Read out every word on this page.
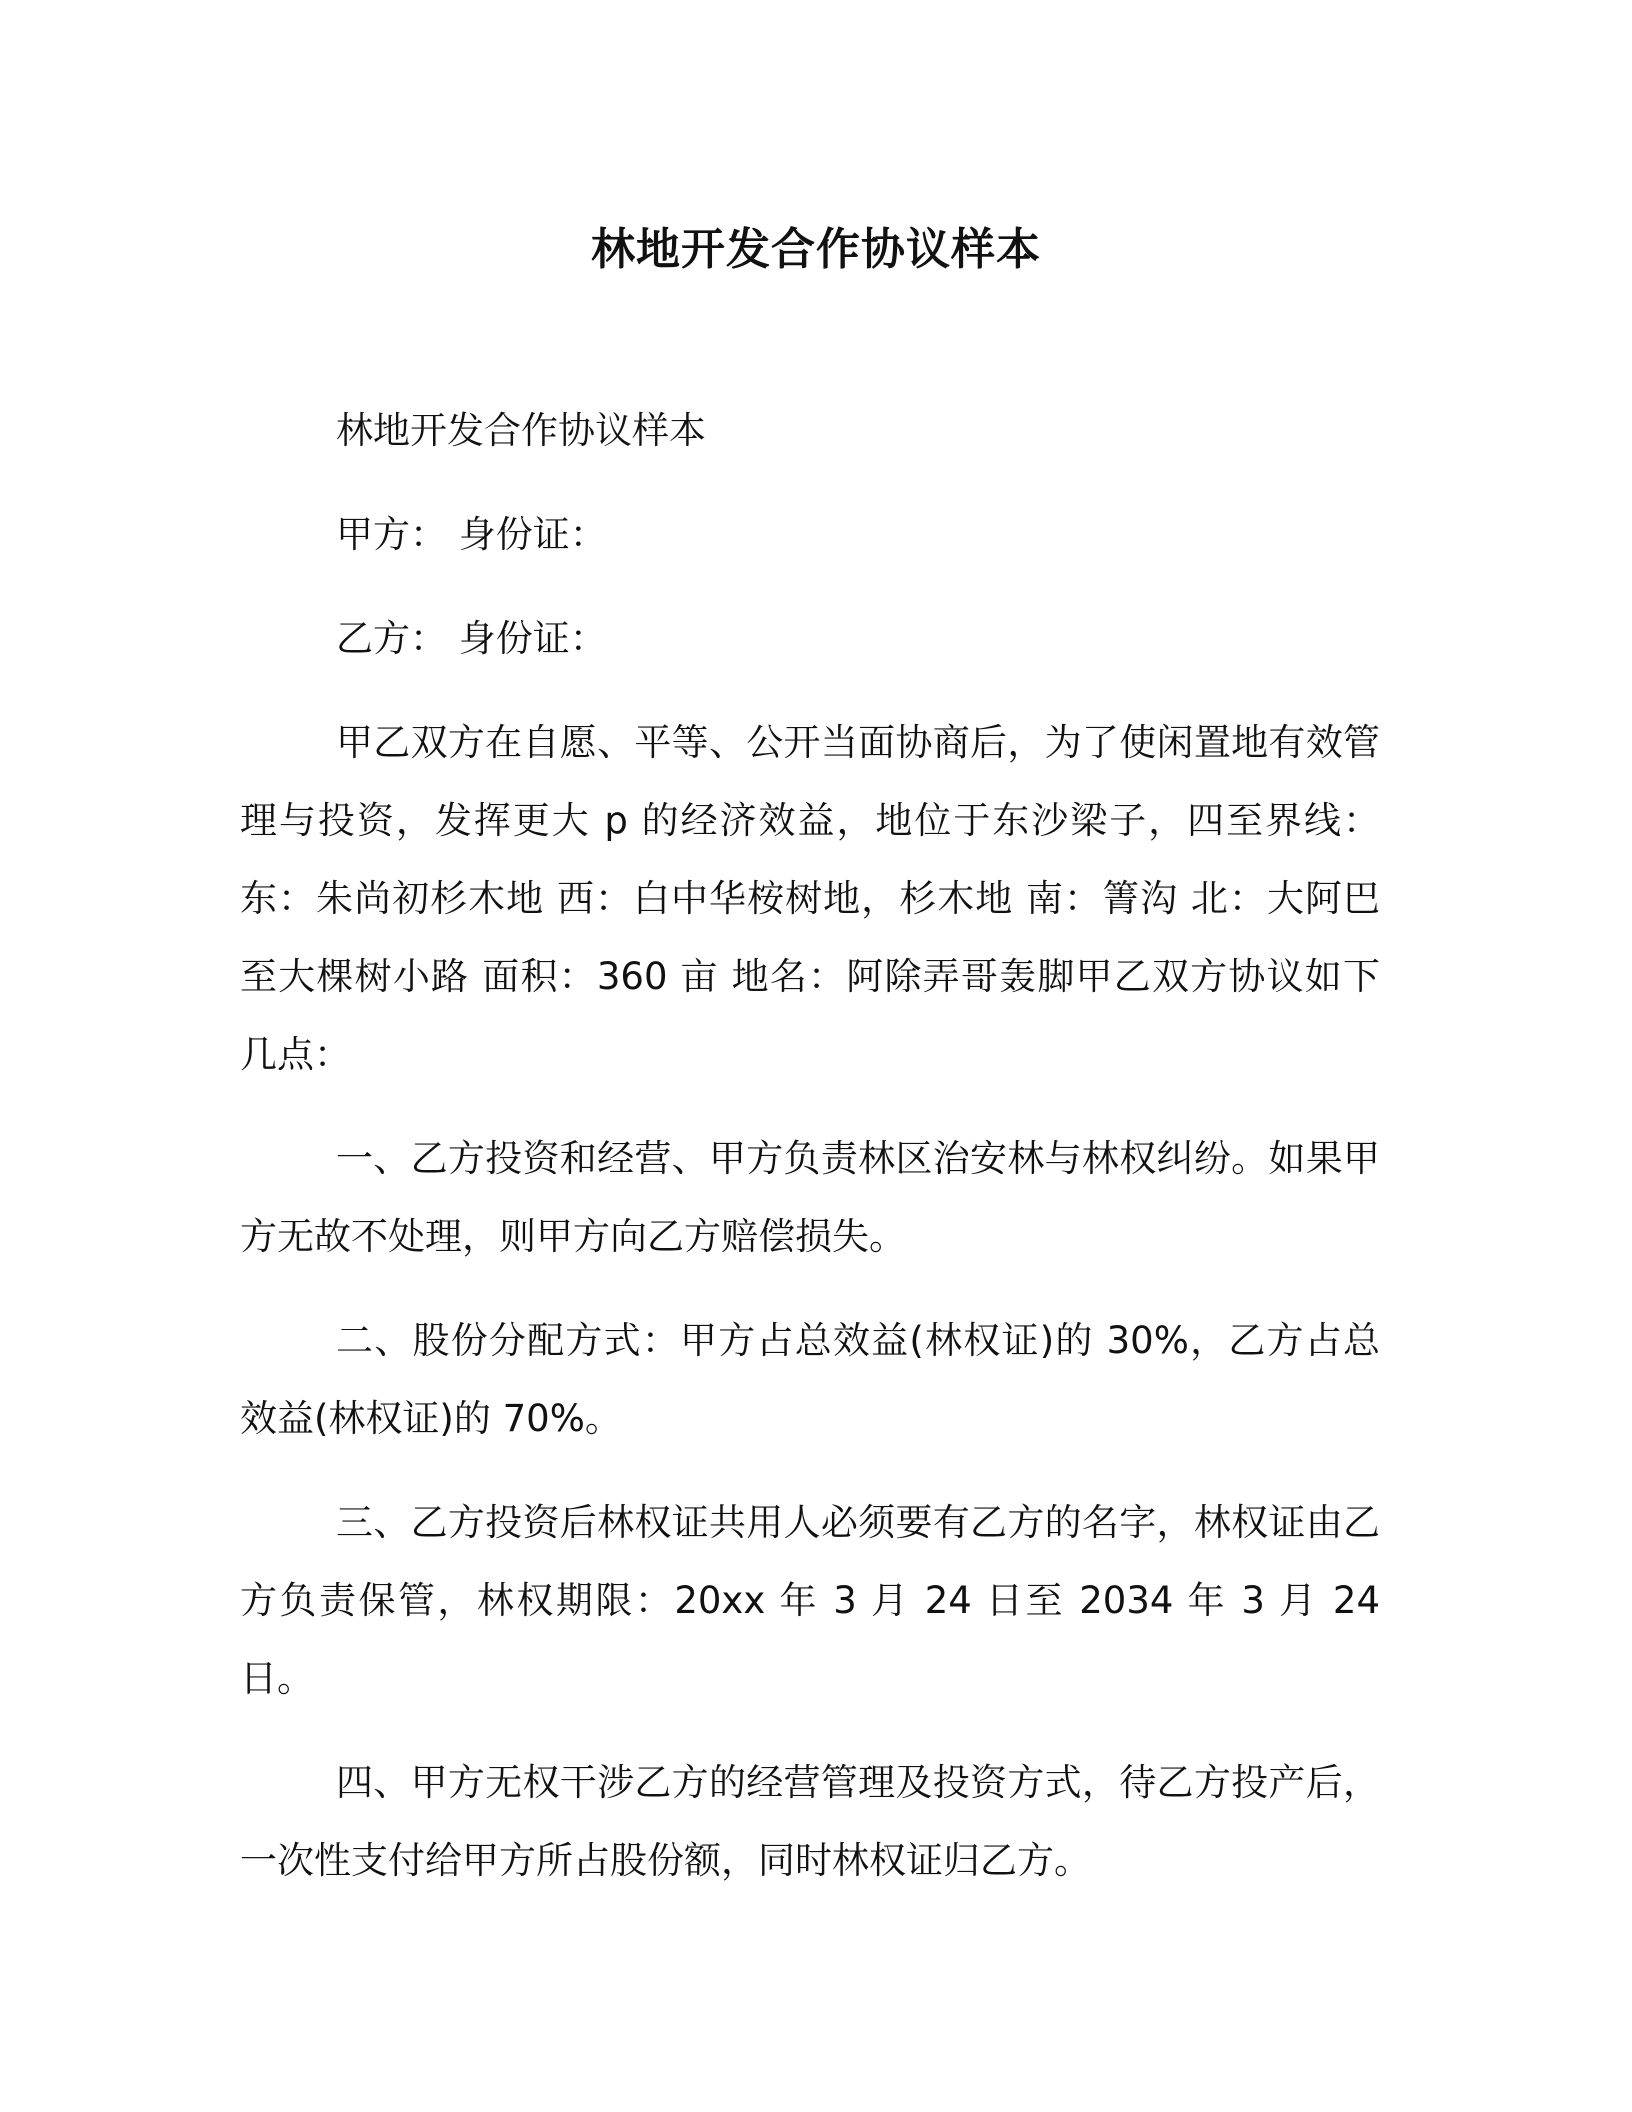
林地开发合作协议样本

林地开发合作协议样本

甲方： 身份证：

乙方： 身份证：

甲乙双方在自愿、平等、公开当面协商后，为了使闲置地有效管理与投资，发挥更大 p 的经济效益，地位于东沙梁子，四至界线：东：朱尚初杉木地 西：白中华桉树地，杉木地 南：箐沟 北：大阿巴至大棵树小路 面积：360 亩 地名：阿除弄哥轰脚甲乙双方协议如下几点：

一、乙方投资和经营、甲方负责林区治安林与林权纠纷。如果甲方无故不处理，则甲方向乙方赔偿损失。

二、股份分配方式：甲方占总效益(林权证)的 30%，乙方占总效益(林权证)的 70%。

三、乙方投资后林权证共用人必须要有乙方的名字，林权证由乙方负责保管，林权期限：20xx 年 3 月 24 日至 2034 年 3 月 24 日。

四、甲方无权干涉乙方的经营管理及投资方式，待乙方投产后，一次性支付给甲方所占股份额，同时林权证归乙方。
